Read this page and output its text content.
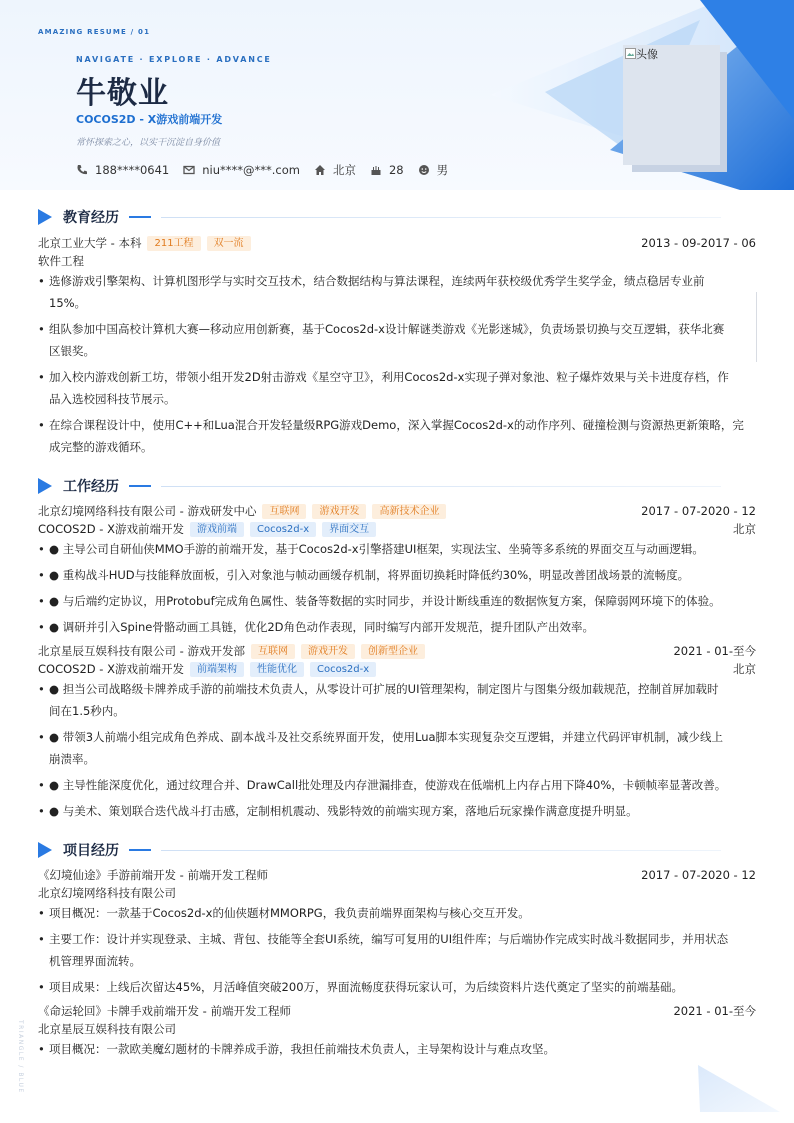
AMAZING RESUME / 01
NAVIGATE · EXPLORE · ADVANCE
牛敬业
COCOS2D - X游戏前端开发
常怀探索之心，以实干沉淀自身价值
188****0641	niu****@***.com	北京	28	男
头像
教育经历
北京工业大学 - 本科	211工程	双一流	2013 - 09-2017 - 06
软件工程
• 选修游戏引擎架构、计算机图形学与实时交互技术，结合数据结构与算法课程，连续两年获校级优秀学生奖学金，绩点稳居专业前
15%。
• 组队参加中国高校计算机大赛—移动应用创新赛，基于Cocos2d-x设计解谜类游戏《光影迷城》，负责场景切换与交互逻辑，获华北赛
区银奖。
• 加入校内游戏创新工坊，带领小组开发2D射击游戏《星空守卫》，利用Cocos2d-x实现子弹对象池、粒子爆炸效果与关卡进度存档，作
品入选校园科技节展示。
• 在综合课程设计中，使用C++和Lua混合开发轻量级RPG游戏Demo，深入掌握Cocos2d-x的动作序列、碰撞检测与资源热更新策略，完
成完整的游戏循环。
工作经历
北京幻境网络科技有限公司 - 游戏研发中心	互联网	游戏开发	高新技术企业	2017 - 07-2020 - 12
COCOS2D - X游戏前端开发	游戏前端	Cocos2d-x	界面交互	北京
• ● 主导公司自研仙侠MMO手游的前端开发，基于Cocos2d-x引擎搭建UI框架，实现法宝、坐骑等多系统的界面交互与动画逻辑。
• ● 重构战斗HUD与技能释放面板，引入对象池与帧动画缓存机制，将界面切换耗时降低约30%，明显改善团战场景的流畅度。
• ● 与后端约定协议，用Protobuf完成角色属性、装备等数据的实时同步，并设计断线重连的数据恢复方案，保障弱网环境下的体验。
• ● 调研并引入Spine骨骼动画工具链，优化2D角色动作表现，同时编写内部开发规范，提升团队产出效率。
北京星辰互娱科技有限公司 - 游戏开发部	互联网	游戏开发	创新型企业	2021 - 01-至今
COCOS2D - X游戏前端开发	前端架构	性能优化	Cocos2d-x	北京
• ● 担当公司战略级卡牌养成手游的前端技术负责人，从零设计可扩展的UI管理架构，制定图片与图集分级加载规范，控制首屏加载时
间在1.5秒内。
• ● 带领3人前端小组完成角色养成、副本战斗及社交系统界面开发，使用Lua脚本实现复杂交互逻辑，并建立代码评审机制，减少线上
崩溃率。
• ● 主导性能深度优化，通过纹理合并、DrawCall批处理及内存泄漏排查，使游戏在低端机上内存占用下降40%，卡顿帧率显著改善。
• ● 与美术、策划联合迭代战斗打击感，定制相机震动、残影特效的前端实现方案，落地后玩家操作满意度提升明显。
项目经历
《幻境仙途》手游前端开发 - 前端开发工程师	2017 - 07-2020 - 12
北京幻境网络科技有限公司
• 项目概况：一款基于Cocos2d-x的仙侠题材MMORPG，我负责前端界面架构与核心交互开发。
• 主要工作：设计并实现登录、主城、背包、技能等全套UI系统，编写可复用的UI组件库；与后端协作完成实时战斗数据同步，并用状态
机管理界面流转。
• 项目成果：上线后次留达45%，月活峰值突破200万，界面流畅度获得玩家认可，为后续资料片迭代奠定了坚实的前端基础。
《命运轮回》卡牌手戏前端开发 - 前端开发工程师	2021 - 01-至今
北京星辰互娱科技有限公司
• 项目概况：一款欧美魔幻题材的卡牌养成手游，我担任前端技术负责人，主导架构设计与难点攻坚。
TRIANGLE / BLUE
